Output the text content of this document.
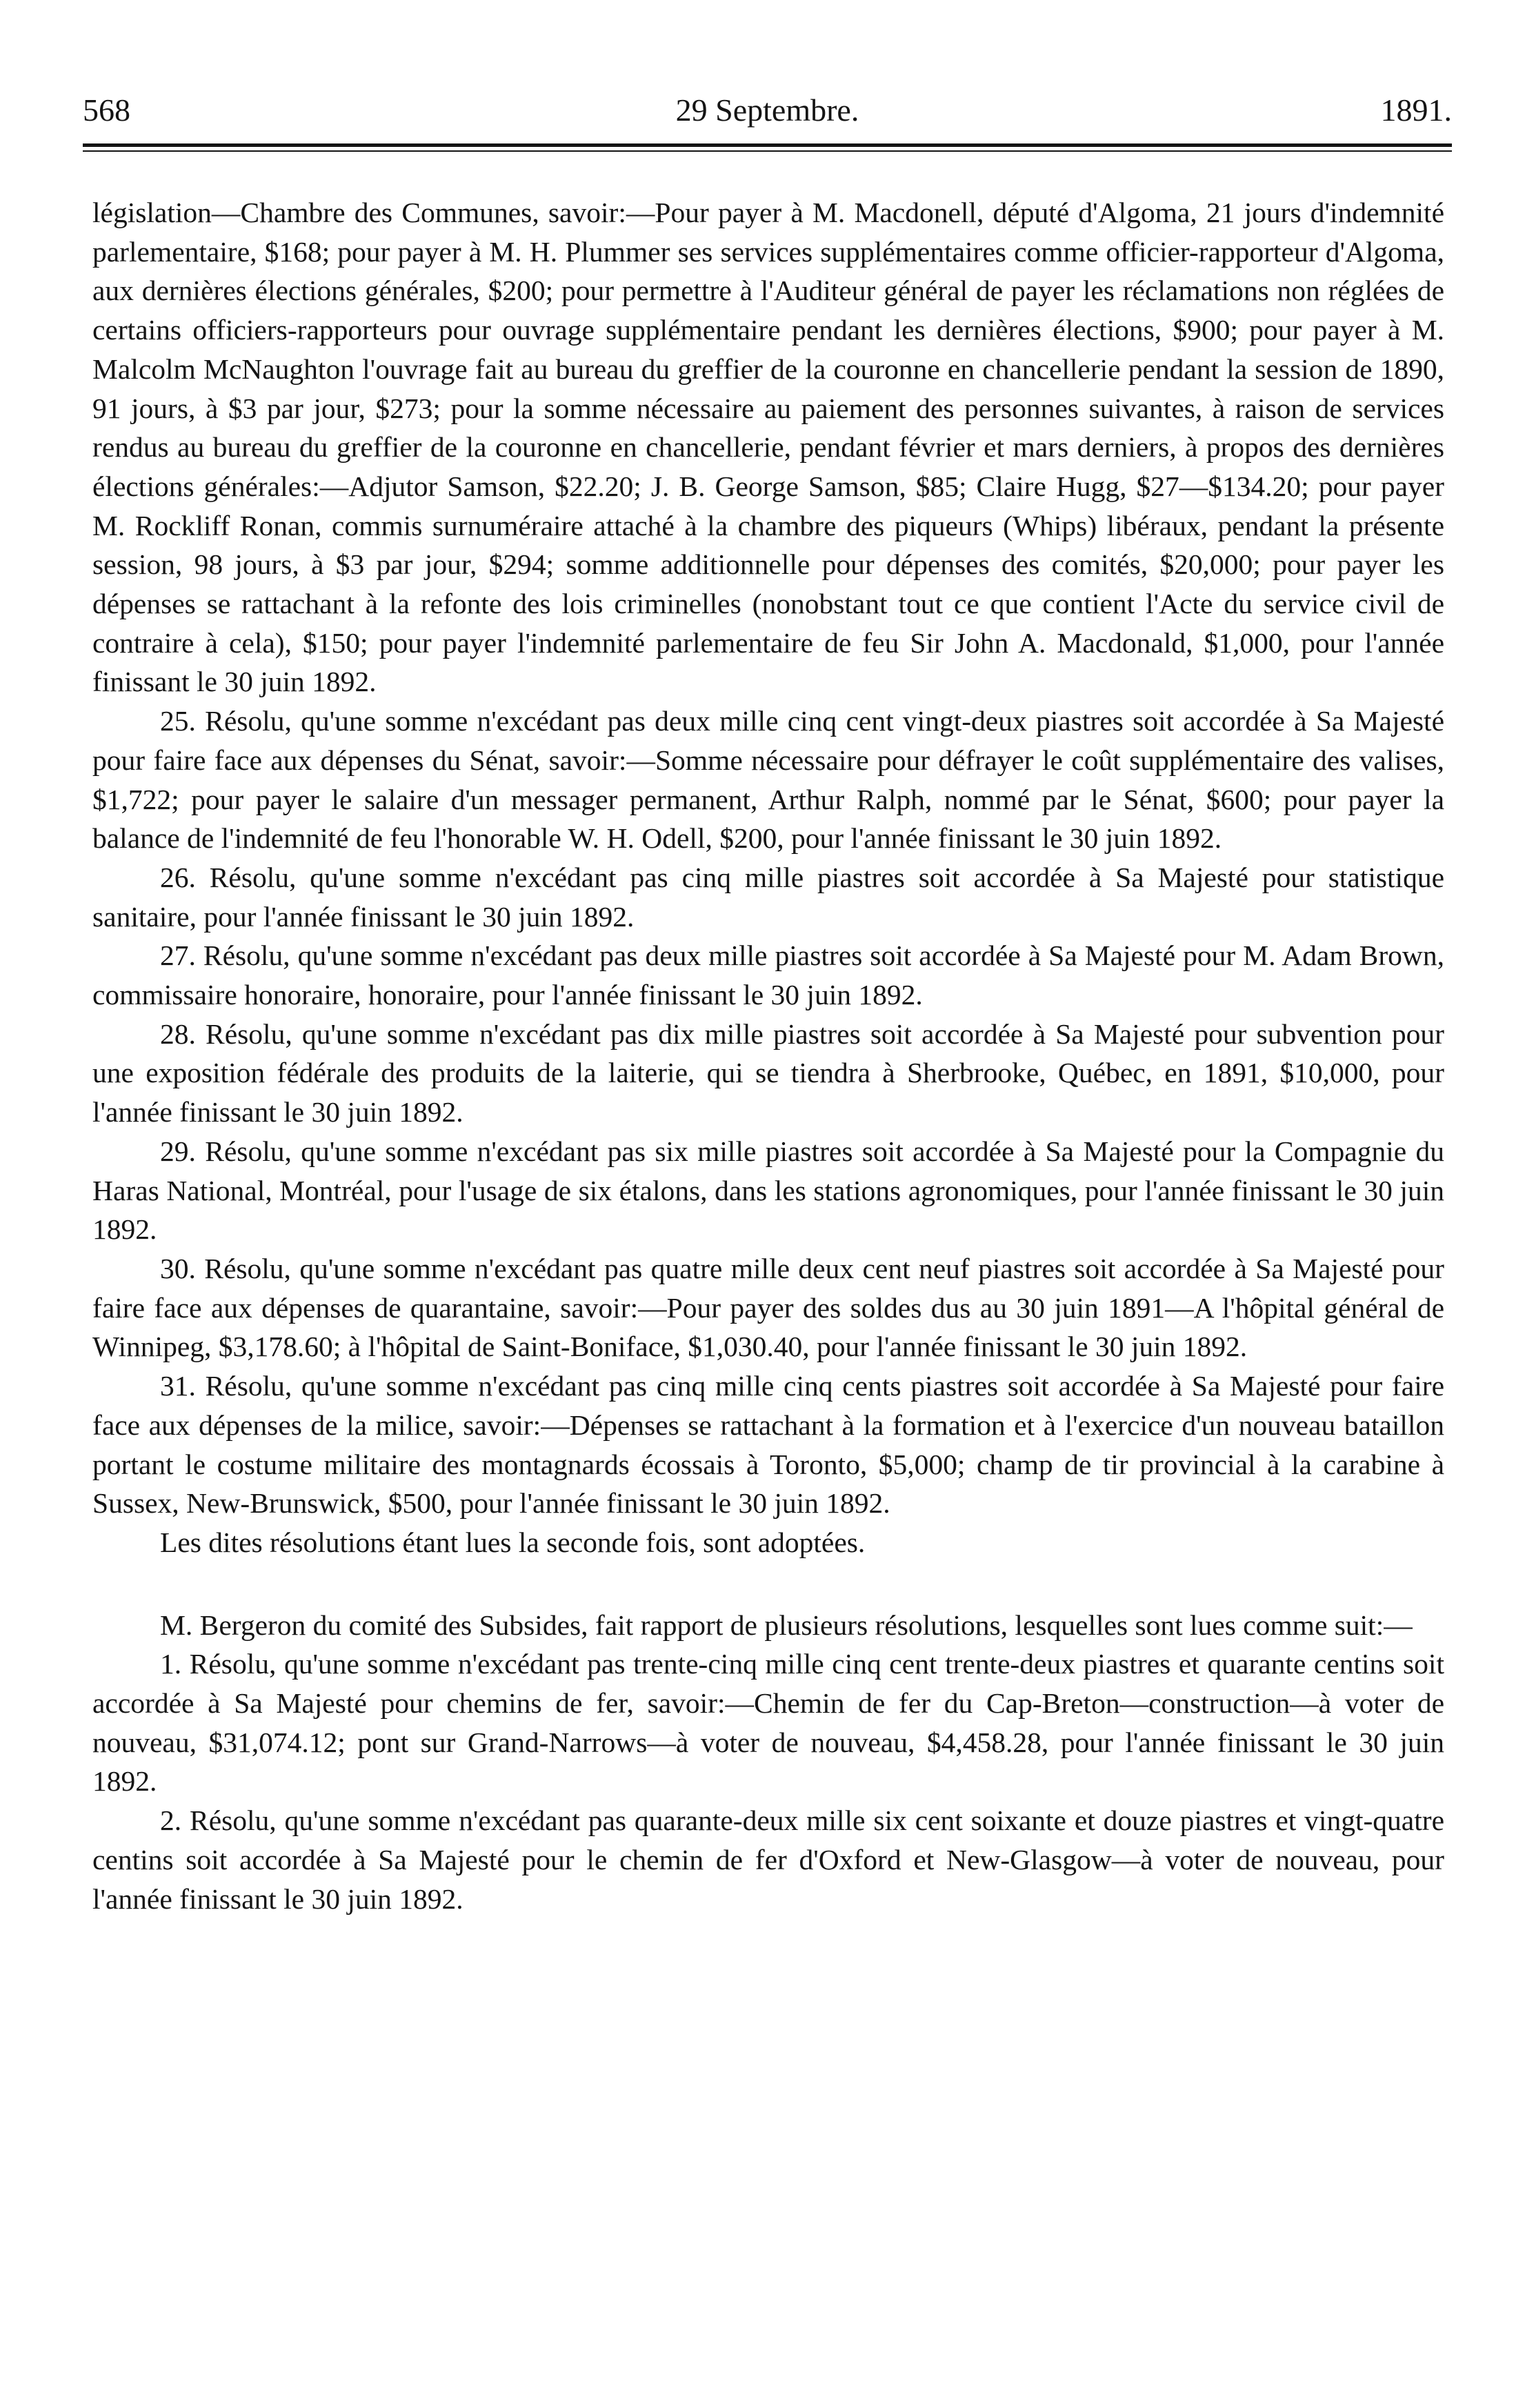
568	29 Septembre.	1891.

législation—Chambre des Communes, savoir:—Pour payer à M. Macdonell, député d'Algoma, 21 jours d'indemnité parlementaire, $168; pour payer à M. H. Plummer ses services supplémentaires comme officier-rapporteur d'Algoma, aux dernières élections générales, $200; pour permettre à l'Auditeur général de payer les réclamations non réglées de certains officiers-rapporteurs pour ouvrage supplémentaire pendant les dernières élections, $900; pour payer à M. Malcolm McNaughton l'ouvrage fait au bureau du greffier de la couronne en chancellerie pendant la session de 1890, 91 jours, à $3 par jour, $273; pour la somme nécessaire au paiement des personnes suivantes, à raison de services rendus au bureau du greffier de la couronne en chancellerie, pendant février et mars derniers, à propos des dernières élections générales:—Adjutor Samson, $22.20; J. B. George Samson, $85; Claire Hugg, $27—$134.20; pour payer M. Rockliff Ronan, commis surnuméraire attaché à la chambre des piqueurs (Whips) libéraux, pendant la présente session, 98 jours, à $3 par jour, $294; somme additionnelle pour dépenses des comités, $20,000; pour payer les dépenses se rattachant à la refonte des lois criminelles (nonobstant tout ce que contient l'Acte du service civil de contraire à cela), $150; pour payer l'indemnité parlementaire de feu Sir John A. Macdonald, $1,000, pour l'année finissant le 30 juin 1892.

25. Résolu, qu'une somme n'excédant pas deux mille cinq cent vingt-deux piastres soit accordée à Sa Majesté pour faire face aux dépenses du Sénat, savoir:—Somme nécessaire pour défrayer le coût supplémentaire des valises, $1,722; pour payer le salaire d'un messager permanent, Arthur Ralph, nommé par le Sénat, $600; pour payer la balance de l'indemnité de feu l'honorable W. H. Odell, $200, pour l'année finissant le 30 juin 1892.

26. Résolu, qu'une somme n'excédant pas cinq mille piastres soit accordée à Sa Majesté pour statistique sanitaire, pour l'année finissant le 30 juin 1892.

27. Résolu, qu'une somme n'excédant pas deux mille piastres soit accordée à Sa Majesté pour M. Adam Brown, commissaire honoraire, honoraire, pour l'année finissant le 30 juin 1892.

28. Résolu, qu'une somme n'excédant pas dix mille piastres soit accordée à Sa Majesté pour subvention pour une exposition fédérale des produits de la laiterie, qui se tiendra à Sherbrooke, Québec, en 1891, $10,000, pour l'année finissant le 30 juin 1892.

29. Résolu, qu'une somme n'excédant pas six mille piastres soit accordée à Sa Majesté pour la Compagnie du Haras National, Montréal, pour l'usage de six étalons, dans les stations agronomiques, pour l'année finissant le 30 juin 1892.

30. Résolu, qu'une somme n'excédant pas quatre mille deux cent neuf piastres soit accordée à Sa Majesté pour faire face aux dépenses de quarantaine, savoir:—Pour payer des soldes dus au 30 juin 1891—A l'hôpital général de Winnipeg, $3,178.60; à l'hôpital de Saint-Boniface, $1,030.40, pour l'année finissant le 30 juin 1892.

31. Résolu, qu'une somme n'excédant pas cinq mille cinq cents piastres soit accordée à Sa Majesté pour faire face aux dépenses de la milice, savoir:—Dépenses se rattachant à la formation et à l'exercice d'un nouveau bataillon portant le costume militaire des montagnards écossais à Toronto, $5,000; champ de tir provincial à la carabine à Sussex, New-Brunswick, $500, pour l'année finissant le 30 juin 1892.

Les dites résolutions étant lues la seconde fois, sont adoptées.

M. Bergeron du comité des Subsides, fait rapport de plusieurs résolutions, lesquelles sont lues comme suit:—

1. Résolu, qu'une somme n'excédant pas trente-cinq mille cinq cent trente-deux piastres et quarante centins soit accordée à Sa Majesté pour chemins de fer, savoir:—Chemin de fer du Cap-Breton—construction—à voter de nouveau, $31,074.12; pont sur Grand-Narrows—à voter de nouveau, $4,458.28, pour l'année finissant le 30 juin 1892.

2. Résolu, qu'une somme n'excédant pas quarante-deux mille six cent soixante et douze piastres et vingt-quatre centins soit accordée à Sa Majesté pour le chemin de fer d'Oxford et New-Glasgow—à voter de nouveau, pour l'année finissant le 30 juin 1892.
